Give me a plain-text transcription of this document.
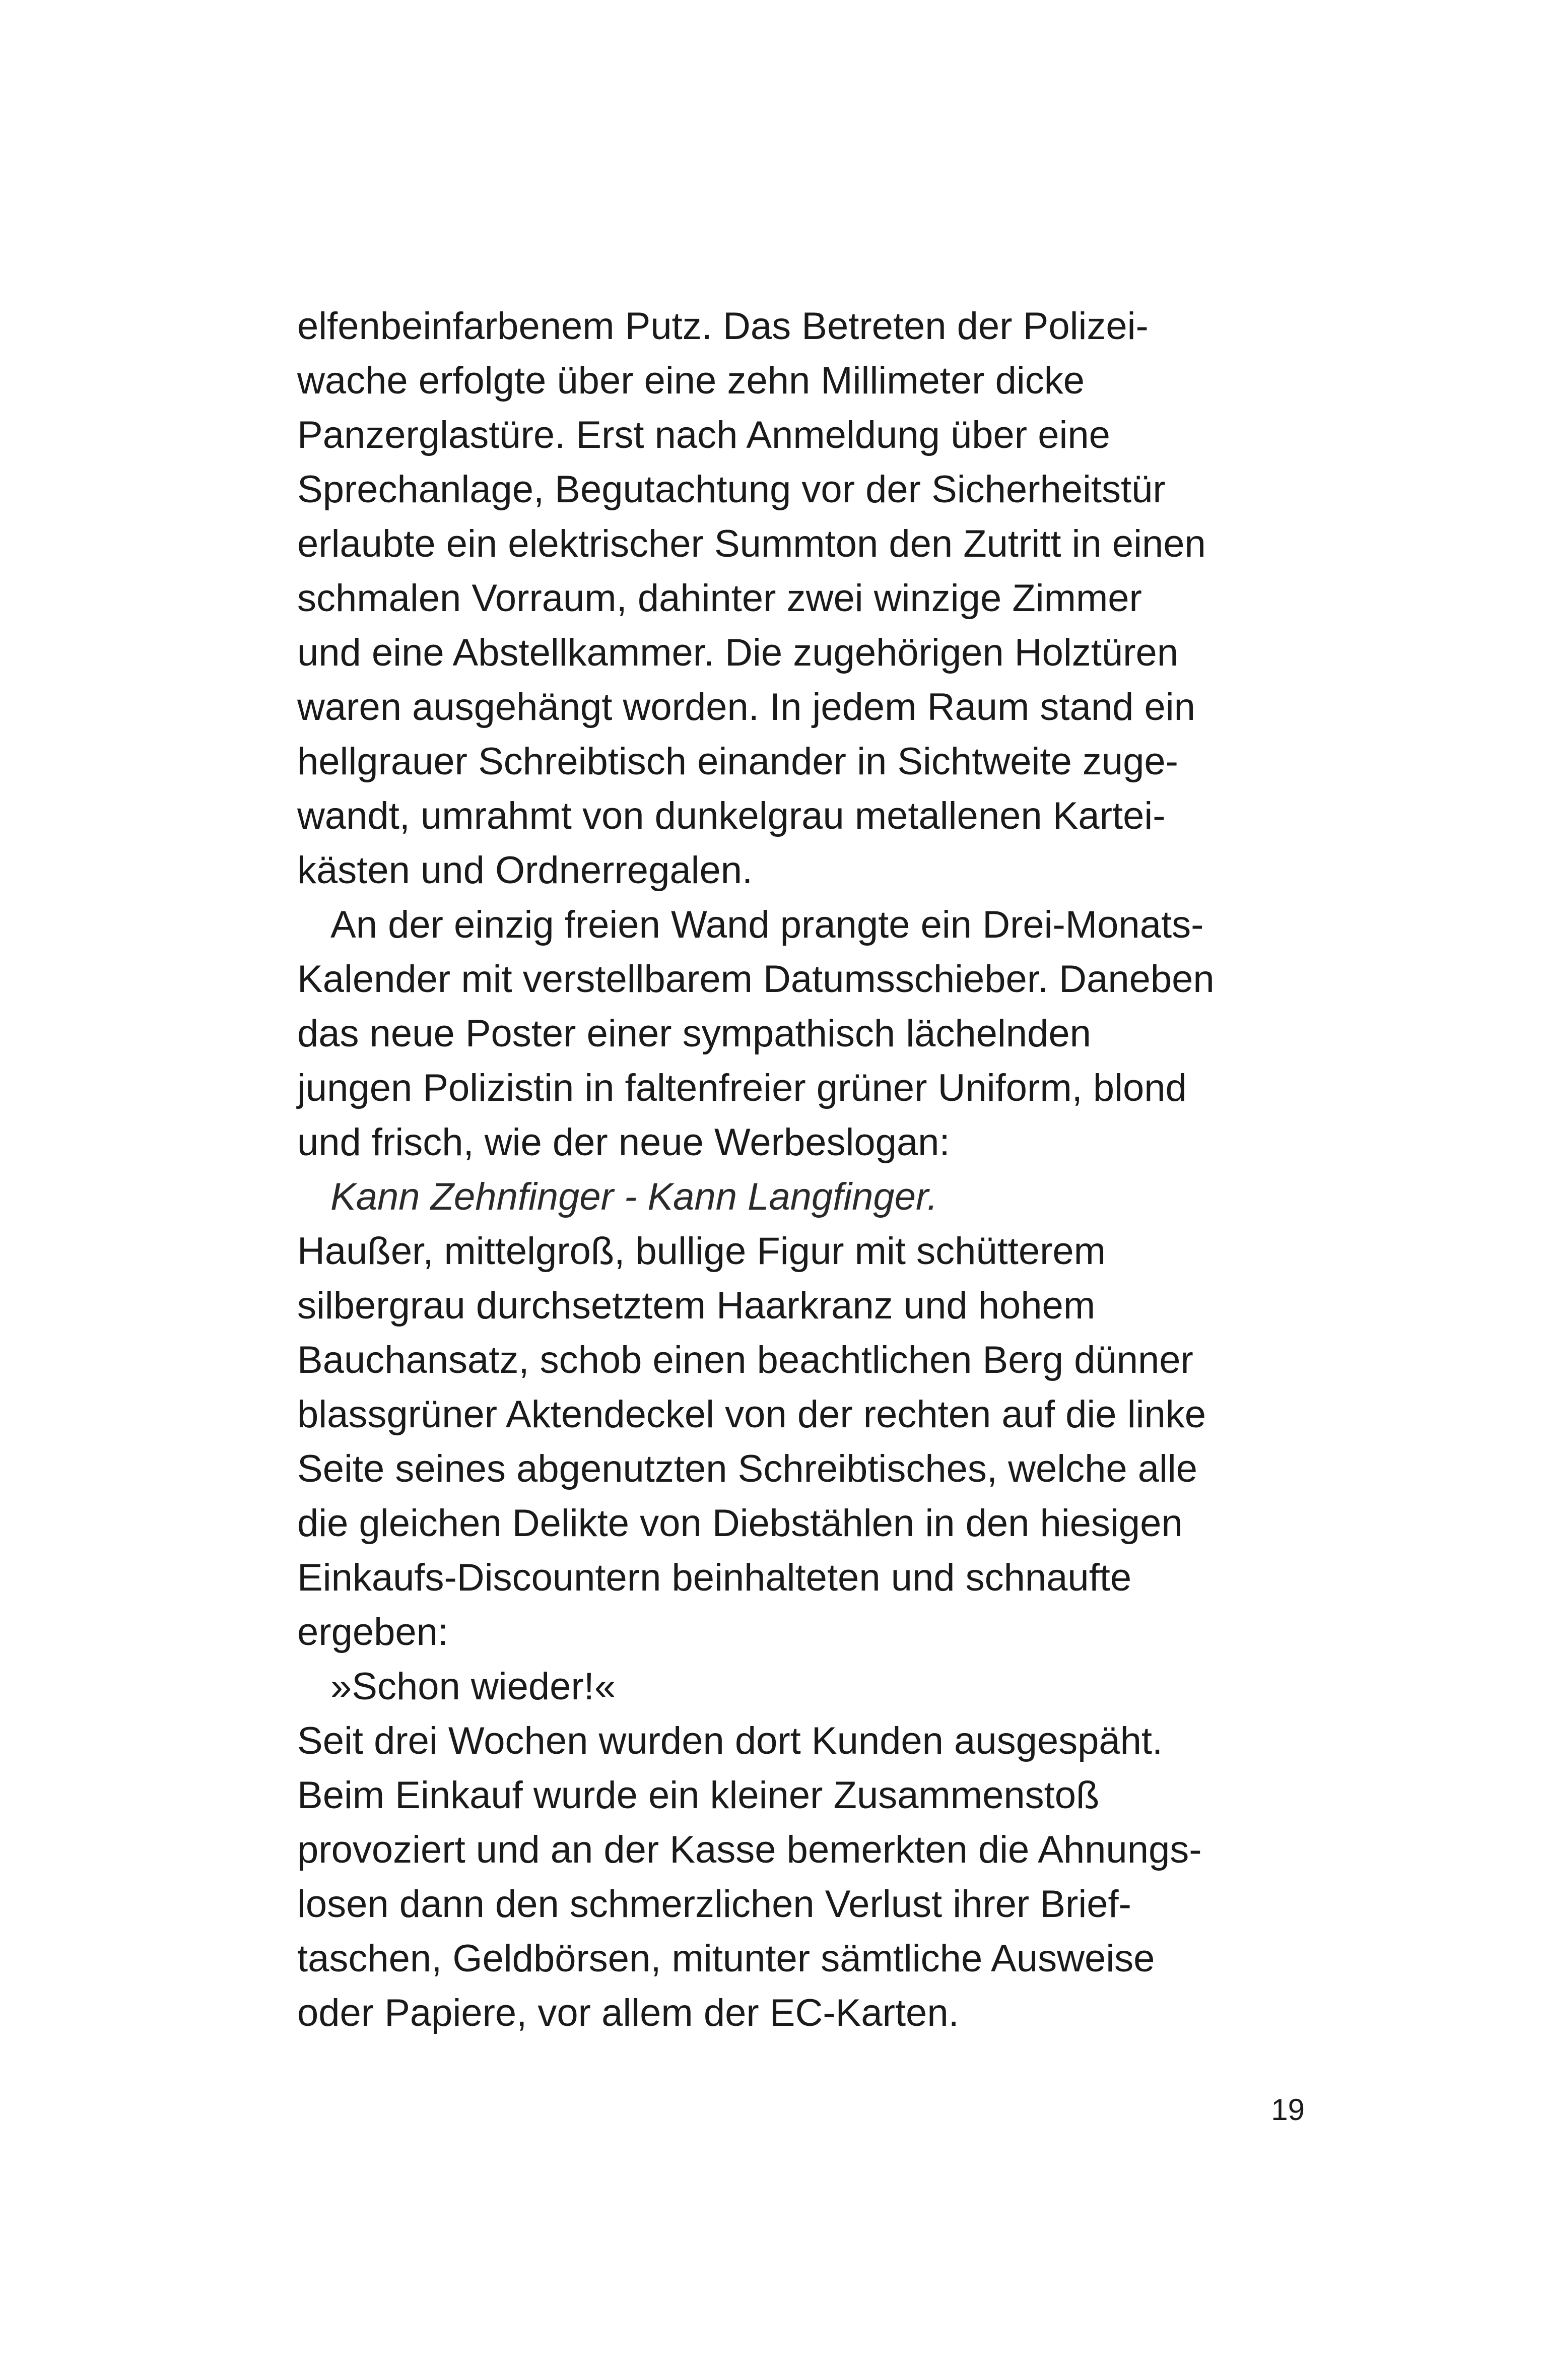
elfenbeinfarbenem Putz. Das Betreten der Polizei-
wache erfolgte über eine zehn Millimeter dicke
Panzerglastüre. Erst nach Anmeldung über eine
Sprechanlage, Begutachtung vor der Sicherheitstür
erlaubte ein elektrischer Summton den Zutritt in einen
schmalen Vorraum, dahinter zwei winzige Zimmer
und eine Abstellkammer. Die zugehörigen Holztüren
waren ausgehängt worden. In jedem Raum stand ein
hellgrauer Schreibtisch einander in Sichtweite zuge-
wandt, umrahmt von dunkelgrau metallenen Kartei-
kästen und Ordnerregalen.
An der einzig freien Wand prangte ein Drei-Monats-
Kalender mit verstellbarem Datumsschieber. Daneben
das neue Poster einer sympathisch lächelnden
jungen Polizistin in faltenfreier grüner Uniform, blond
und frisch, wie der neue Werbeslogan:
Kann Zehnfinger - Kann Langfinger.
Haußer, mittelgroß, bullige Figur mit schütterem
silbergrau durchsetztem Haarkranz und hohem
Bauchansatz, schob einen beachtlichen Berg dünner
blassgrüner Aktendeckel von der rechten auf die linke
Seite seines abgenutzten Schreibtisches, welche alle
die gleichen Delikte von Diebstählen in den hiesigen
Einkaufs-Discountern beinhalteten und schnaufte
ergeben:
»Schon wieder!«
Seit drei Wochen wurden dort Kunden ausgespäht.
Beim Einkauf wurde ein kleiner Zusammenstoß
provoziert und an der Kasse bemerkten die Ahnungs-
losen dann den schmerzlichen Verlust ihrer Brief-
taschen, Geldbörsen, mitunter sämtliche Ausweise
oder Papiere, vor allem der EC-Karten.
19
